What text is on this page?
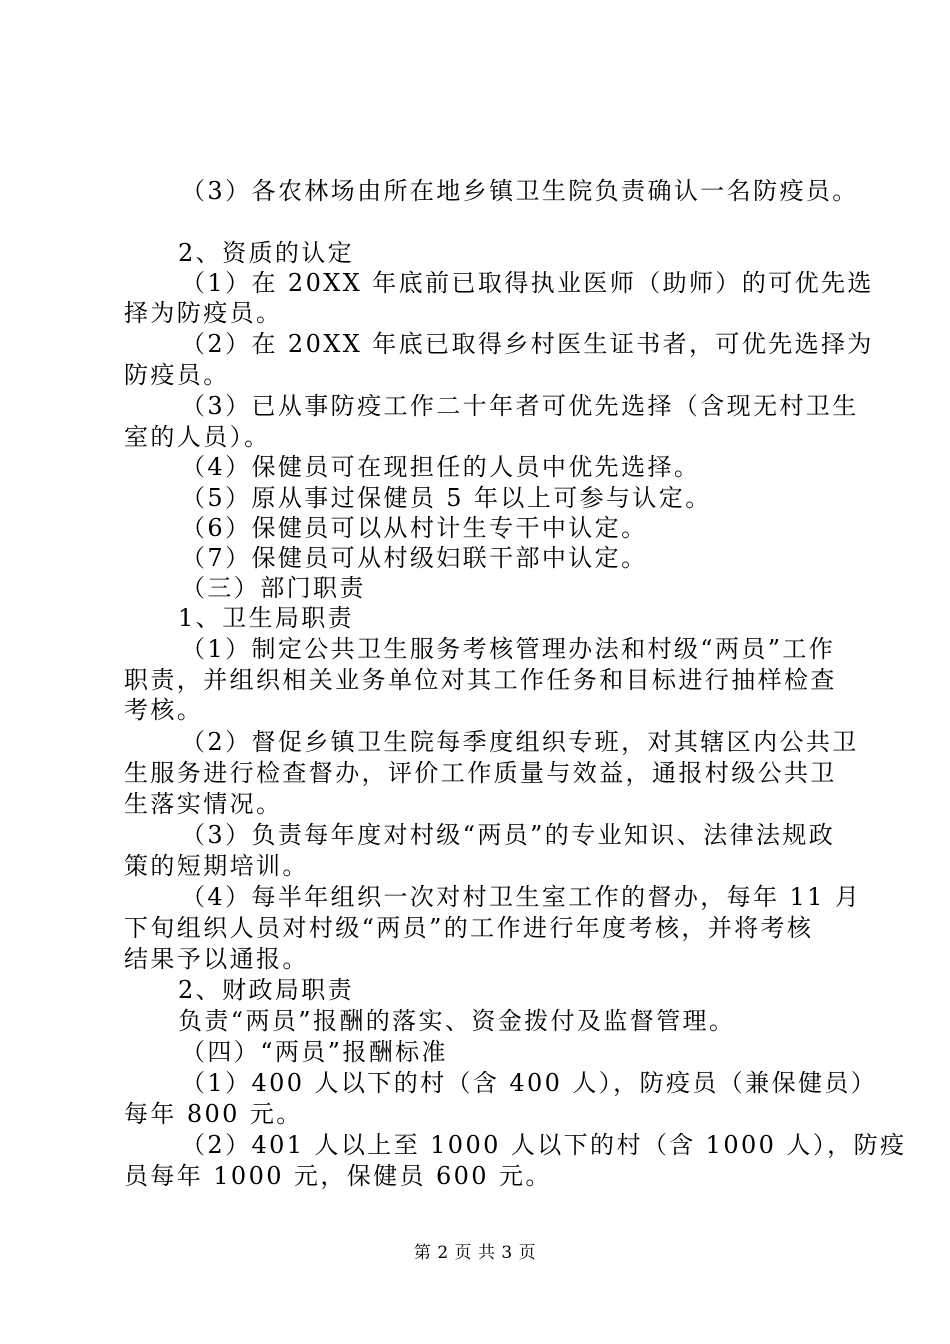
（3）各农林场由所在地乡镇卫生院负责确认一名防疫员。
2、资质的认定
（1）在 20XX 年底前已取得执业医师（助师）的可优先选
择为防疫员。
（2）在 20XX 年底已取得乡村医生证书者，可优先选择为
防疫员。
（3）已从事防疫工作二十年者可优先选择（含现无村卫生
室的人员）。
（4）保健员可在现担任的人员中优先选择。
（5）原从事过保健员 5 年以上可参与认定。
（6）保健员可以从村计生专干中认定。
（7）保健员可从村级妇联干部中认定。
（三）部门职责
1、卫生局职责
（1）制定公共卫生服务考核管理办法和村级“两员”工作
职责，并组织相关业务单位对其工作任务和目标进行抽样检查
考核。
（2）督促乡镇卫生院每季度组织专班，对其辖区内公共卫
生服务进行检查督办，评价工作质量与效益，通报村级公共卫
生落实情况。
（3）负责每年度对村级“两员”的专业知识、法律法规政
策的短期培训。
（4）每半年组织一次对村卫生室工作的督办，每年 11 月
下旬组织人员对村级“两员”的工作进行年度考核，并将考核
结果予以通报。
2、财政局职责
负责“两员”报酬的落实、资金拨付及监督管理。
（四）“两员”报酬标准
（1）400 人以下的村（含 400 人），防疫员（兼保健员）
每年 800 元。
（2）401 人以上至 1000 人以下的村（含 1000 人），防疫
员每年 1000 元，保健员 600 元。
第 2 页 共 3 页
